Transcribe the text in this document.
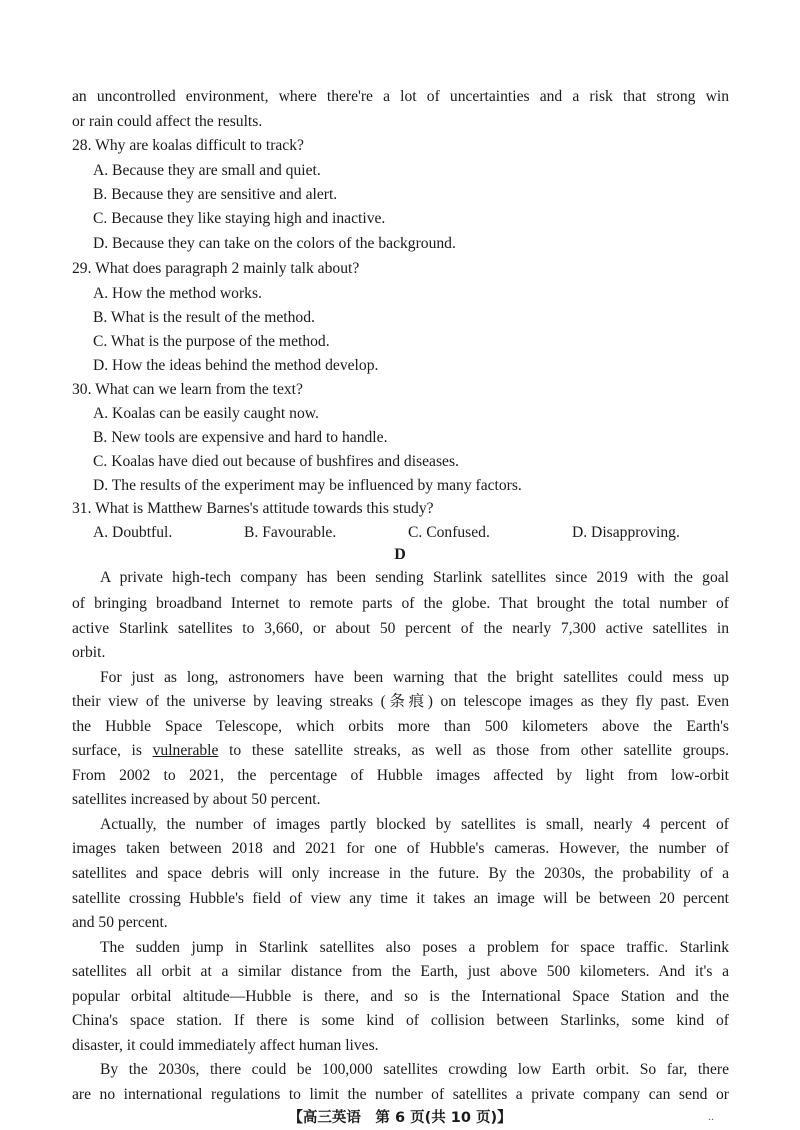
an uncontrolled environment, where there're a lot of uncertainties and a risk that strong win
or rain could affect the results.
28. Why are koalas difficult to track?
A. Because they are small and quiet.
B. Because they are sensitive and alert.
C. Because they like staying high and inactive.
D. Because they can take on the colors of the background.
29. What does paragraph 2 mainly talk about?
A. How the method works.
B. What is the result of the method.
C. What is the purpose of the method.
D. How the ideas behind the method develop.
30. What can we learn from the text?
A. Koalas can be easily caught now.
B. New tools are expensive and hard to handle.
C. Koalas have died out because of bushfires and diseases.
D. The results of the experiment may be influenced by many factors.
31. What is Matthew Barnes's attitude towards this study?
A. Doubtful.	B. Favourable.	C. Confused.	D. Disapproving.
D
A private high-tech company has been sending Starlink satellites since 2019 with the goal
of bringing broadband Internet to remote parts of the globe. That brought the total number of
active Starlink satellites to 3,660, or about 50 percent of the nearly 7,300 active satellites in
orbit.
For just as long, astronomers have been warning that the bright satellites could mess up
their view of the universe by leaving streaks (条痕) on telescope images as they fly past. Even
the Hubble Space Telescope, which orbits more than 500 kilometers above the Earth's
surface, is vulnerable to these satellite streaks, as well as those from other satellite groups.
From 2002 to 2021, the percentage of Hubble images affected by light from low-orbit
satellites increased by about 50 percent.
Actually, the number of images partly blocked by satellites is small, nearly 4 percent of
images taken between 2018 and 2021 for one of Hubble's cameras. However, the number of
satellites and space debris will only increase in the future. By the 2030s, the probability of a
satellite crossing Hubble's field of view any time it takes an image will be between 20 percent
and 50 percent.
The sudden jump in Starlink satellites also poses a problem for space traffic. Starlink
satellites all orbit at a similar distance from the Earth, just above 500 kilometers. And it's a
popular orbital altitude—Hubble is there, and so is the International Space Station and the
China's space station. If there is some kind of collision between Starlinks, some kind of
disaster, it could immediately affect human lives.
By the 2030s, there could be 100,000 satellites crowding low Earth orbit. So far, there
are no international regulations to limit the number of satellites a private company can send or
【高三英语　第 6 页(共 10 页)】	..
